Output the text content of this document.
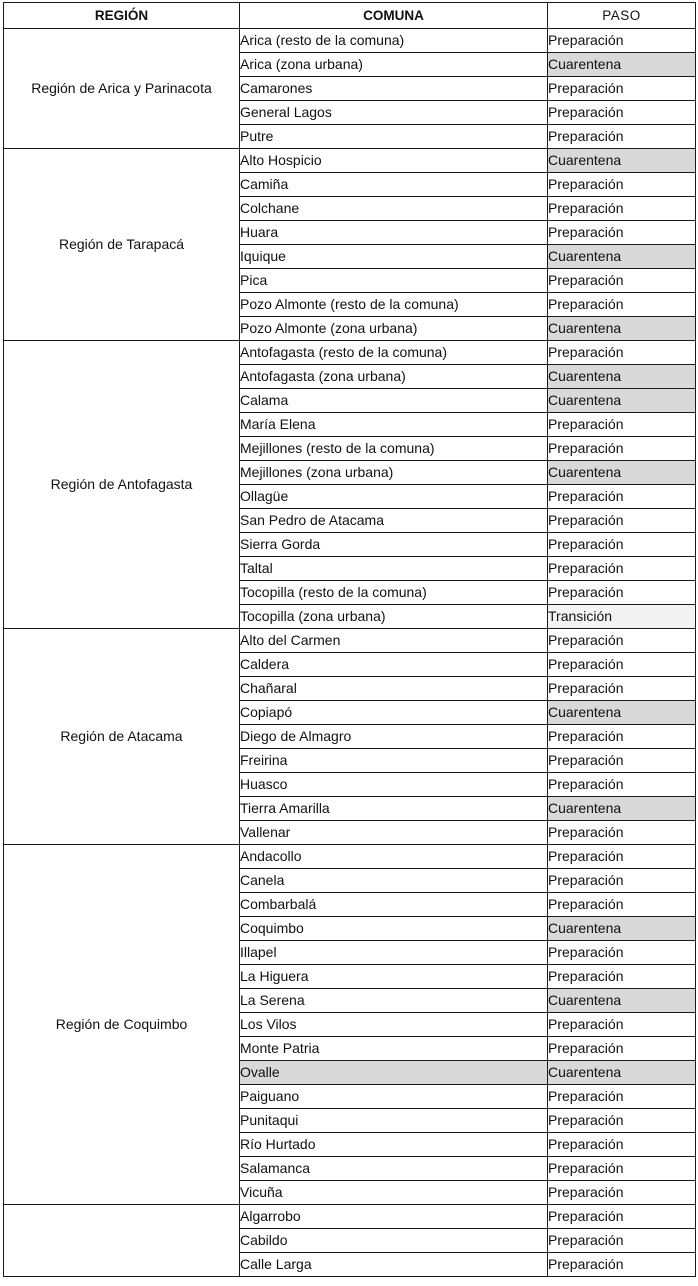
REGIÓN	COMUNA	PASO
Región de Arica y Parinacota	Arica (resto de la comuna)	Preparación
	Arica (zona urbana)	Cuarentena
	Camarones	Preparación
	General Lagos	Preparación
	Putre	Preparación
Región de Tarapacá	Alto Hospicio	Cuarentena
	Camiña	Preparación
	Colchane	Preparación
	Huara	Preparación
	Iquique	Cuarentena
	Pica	Preparación
	Pozo Almonte (resto de la comuna)	Preparación
	Pozo Almonte (zona urbana)	Cuarentena
Región de Antofagasta	Antofagasta (resto de la comuna)	Preparación
	Antofagasta (zona urbana)	Cuarentena
	Calama	Cuarentena
	María Elena	Preparación
	Mejillones (resto de la comuna)	Preparación
	Mejillones (zona urbana)	Cuarentena
	Ollagüe	Preparación
	San Pedro de Atacama	Preparación
	Sierra Gorda	Preparación
	Taltal	Preparación
	Tocopilla (resto de la comuna)	Preparación
	Tocopilla (zona urbana)	Transición
Región de Atacama	Alto del Carmen	Preparación
	Caldera	Preparación
	Chañaral	Preparación
	Copiapó	Cuarentena
	Diego de Almagro	Preparación
	Freirina	Preparación
	Huasco	Preparación
	Tierra Amarilla	Cuarentena
	Vallenar	Preparación
Región de Coquimbo	Andacollo	Preparación
	Canela	Preparación
	Combarbalá	Preparación
	Coquimbo	Cuarentena
	Illapel	Preparación
	La Higuera	Preparación
	La Serena	Cuarentena
	Los Vilos	Preparación
	Monte Patria	Preparación
	Ovalle	Cuarentena
	Paiguano	Preparación
	Punitaqui	Preparación
	Río Hurtado	Preparación
	Salamanca	Preparación
	Vicuña	Preparación
	Algarrobo	Preparación
	Cabildo	Preparación
	Calle Larga	Preparación
